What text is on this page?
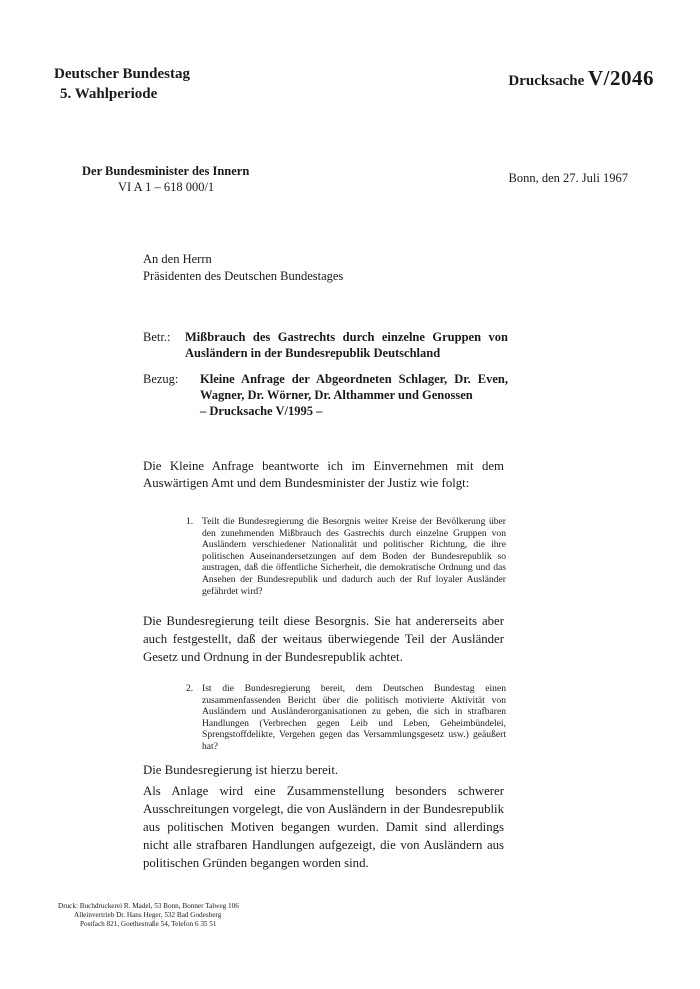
Deutscher Bundestag
5. Wahlperiode
Drucksache V/2046
Der Bundesminister des Innern
VI A 1 – 618 000/1
Bonn, den 27. Juli 1967
An den Herrn
Präsidenten des Deutschen Bundestages
Betr.:	Mißbrauch des Gastrechts durch einzelne Gruppen von Ausländern in der Bundesrepublik Deutschland
Bezug:	Kleine Anfrage der Abgeordneten Schlager, Dr. Even, Wagner, Dr. Wörner, Dr. Althammer und Genossen
– Drucksache V/1995 –
Die Kleine Anfrage beantworte ich im Einvernehmen mit dem Auswärtigen Amt und dem Bundesminister der Justiz wie folgt:
1. Teilt die Bundesregierung die Besorgnis weiter Kreise der Bevölkerung über den zunehmenden Mißbrauch des Gastrechts durch einzelne Gruppen von Ausländern verschiedener Nationalität und politischer Richtung, die ihre politischen Auseinandersetzungen auf dem Boden der Bundesrepublik so austragen, daß die öffentliche Sicherheit, die demokratische Ordnung und das Ansehen der Bundesrepublik und dadurch auch der Ruf loyaler Ausländer gefährdet wird?
Die Bundesregierung teilt diese Besorgnis. Sie hat andererseits aber auch festgestellt, daß der weitaus überwiegende Teil der Ausländer Gesetz und Ordnung in der Bundesrepublik achtet.
2. Ist die Bundesregierung bereit, dem Deutschen Bundestag einen zusammenfassenden Bericht über die politisch motivierte Aktivität von Ausländern und Ausländerorganisationen zu geben, die sich in strafbaren Handlungen (Verbrechen gegen Leib und Leben, Geheimbündelei, Sprengstoffdelikte, Vergehen gegen das Versammlungsgesetz usw.) geäußert hat?
Die Bundesregierung ist hierzu bereit.
Als Anlage wird eine Zusammenstellung besonders schwerer Ausschreitungen vorgelegt, die von Ausländern in der Bundesrepublik aus politischen Motiven begangen wurden. Damit sind allerdings nicht alle strafbaren Handlungen aufgezeigt, die von Ausländern aus politischen Gründen begangen worden sind.
Druck: Buchdruckerei R. Madel, 53 Bonn, Bonner Talweg 106
Alleinvertrieb Dr. Hans Heger, 532 Bad Godesberg
Postfach 821, Goethestraße 54, Telefon 6 35 51
